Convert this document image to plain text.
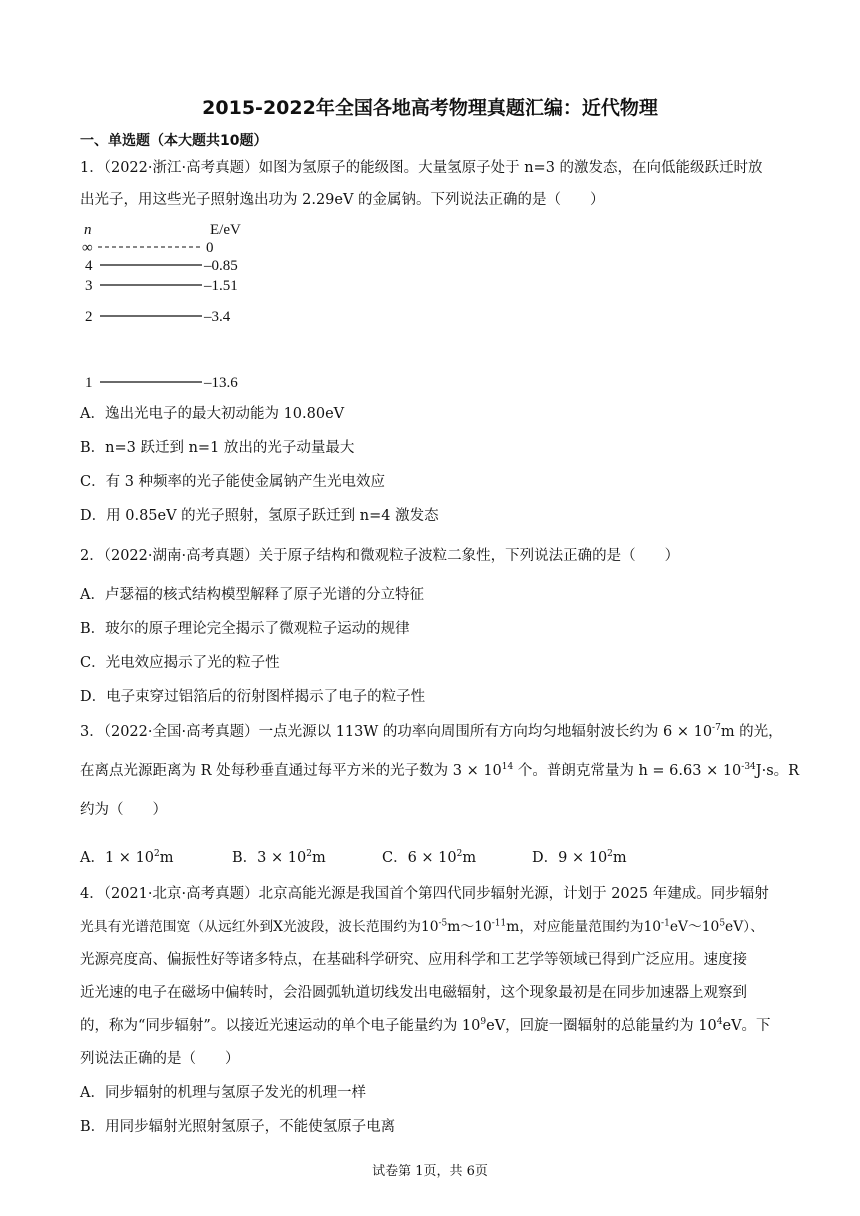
2015-2022年全国各地高考物理真题汇编：近代物理
一、单选题（本大题共10题）
1．（2022·浙江·高考真题）如图为氢原子的能级图。大量氢原子处于 n=3 的激发态，在向低能级跃迁时放
出光子，用这些光子照射逸出功为 2.29eV 的金属钠。下列说法正确的是（　　）
n	E/eV
∞	0
4	–0.85
3	–1.51
2	–3.4
1	–13.6
A．逸出光电子的最大初动能为 10.80eV
B．n=3 跃迁到 n=1 放出的光子动量最大
C．有 3 种频率的光子能使金属钠产生光电效应
D．用 0.85eV 的光子照射，氢原子跃迁到 n=4 激发态
2．（2022·湖南·高考真题）关于原子结构和微观粒子波粒二象性，下列说法正确的是（　　）
A．卢瑟福的核式结构模型解释了原子光谱的分立特征
B．玻尔的原子理论完全揭示了微观粒子运动的规律
C．光电效应揭示了光的粒子性
D．电子束穿过铝箔后的衍射图样揭示了电子的粒子性
3．（2022·全国·高考真题）一点光源以 113W 的功率向周围所有方向均匀地辐射波长约为 $6 \times 10^{-7}m$ 的光，
在离点光源距离为 R 处每秒垂直通过每平方米的光子数为 $3 \times 10^{14}$ 个。普朗克常量为 $h = 6.63 \times 10^{-34}J\cdot s$。R
约为（　　）
A．$1 \times 10^2m$	B．$3 \times 10^2m$	C．$6 \times 10^2m$	D．$9 \times 10^2m$
4．（2021·北京·高考真题）北京高能光源是我国首个第四代同步辐射光源，计划于 2025 年建成。同步辐射
光具有光谱范围宽（从远红外到X光波段，波长范围约为$10^{-5}m\sim 10^{-11}m$，对应能量范围约为$10^{-1}eV\sim 10^5eV$）、
光源亮度高、偏振性好等诸多特点，在基础科学研究、应用科学和工艺学等领域已得到广泛应用。速度接
近光速的电子在磁场中偏转时，会沿圆弧轨道切线发出电磁辐射，这个现象最初是在同步加速器上观察到
的，称为“同步辐射”。以接近光速运动的单个电子能量约为 $10^9eV$，回旋一圈辐射的总能量约为 $10^4eV$。下
列说法正确的是（　　）
A．同步辐射的机理与氢原子发光的机理一样
B．用同步辐射光照射氢原子，不能使氢原子电离
试卷第 1页，共 6页
